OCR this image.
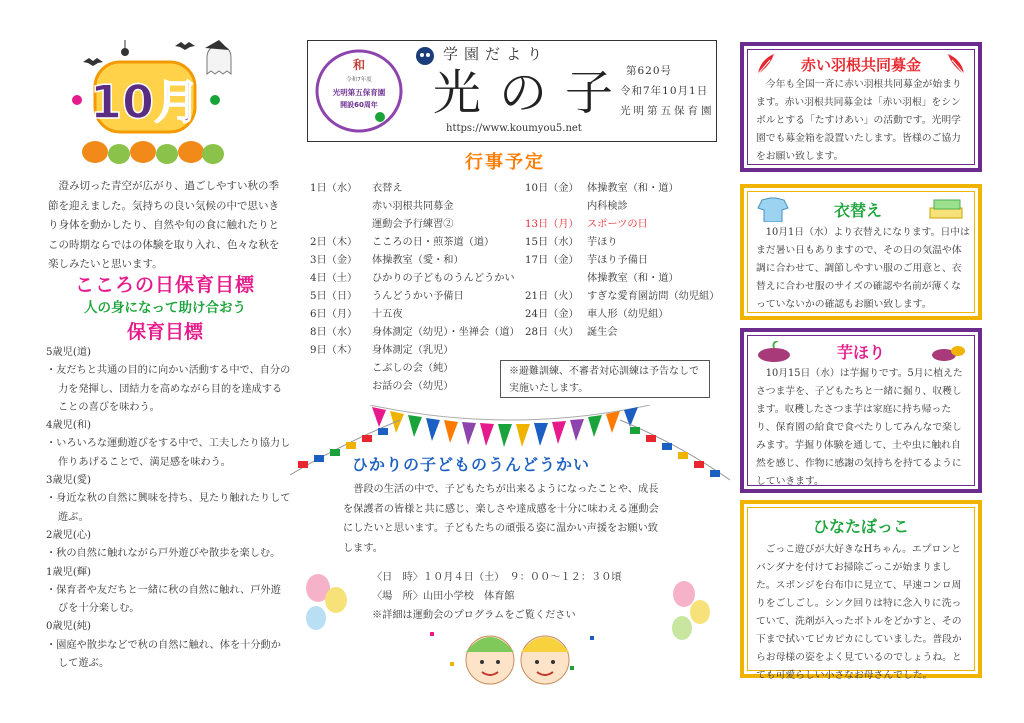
10月
澄み切った青空が広がり、過ごしやすい秋の季節を迎えました。気持ちの良い気候の中で思いきり身体を動かしたり、自然や旬の食に触れたりとこの時期ならではの体験を取り入れ、色々な秋を楽しみたいと思います。
こころの日保育目標
人の身になって助け合おう
保育目標
5歳児(道)
・友だちと共通の目的に向かい活動する中で、自分の力を発揮し、団結力を高めながら目的を達成することの喜びを味わう。
4歳児(和)
・いろいろな運動遊びをする中で、工夫したり協力し作りあげることで、満足感を味わう。
3歳児(愛)
・身近な秋の自然に興味を持ち、見たり触れたりして遊ぶ。
2歳児(心)
・秋の自然に触れながら戸外遊びや散歩を楽しむ。
1歳児(輝)
・保育者や友だちと一緒に秋の自然に触れ、戸外遊びを十分楽しむ。
0歳児(純)
・園庭や散歩などで秋の自然に触れ、体を十分動かして遊ぶ。
和
令和7年度
光明第五保育園
開設60周年
学園だより
光の子
第620号
令和7年10月1日
光明第五保育園
https://www.koumyou5.net
行事予定
1日（水） 衣替え
赤い羽根共同募金
運動会予行練習②
2日（木） こころの日・煎茶道（道）
3日（金） 体操教室（愛・和）
4日（土） ひかりの子どものうんどうかい
5日（日） うんどうかい予備日
6日（月） 十五夜
8日（水） 身体測定（幼児）・坐禅会（道）
9日（木） 身体測定（乳児）
こぶしの会（純）
お話の会（幼児）
10日（金） 体操教室（和・道）
内科検診
13日（月） スポーツの日
15日（水） 芋ほり
17日（金） 芋ほり予備日
体操教室（和・道）
21日（火） すぎな愛育園訪問（幼児組）
24日（金） 車人形（幼児組）
28日（火） 誕生会
※避難訓練、不審者対応訓練は予告なしで実施いたします。
ひかりの子どものうんどうかい
普段の生活の中で、子どもたちが出来るようになったことや、成長を保護者の皆様と共に感じ、楽しさや達成感を十分に味わえる運動会にしたいと思います。子どもたちの頑張る姿に温かい声援をお願い致します。
〈日　時〉１０月４日（土）　９：００～１２：３０頃
〈場　所〉山田小学校　体育館
※詳細は運動会のプログラムをご覧ください
赤い羽根共同募金
今年も全国一斉に赤い羽根共同募金が始まります。赤い羽根共同募金は「赤い羽根」をシンボルとする「たすけあい」の活動です。光明学園でも募金箱を設置いたします。皆様のご協力をお願い致します。
衣替え
10月1日（水）より衣替えになります。日中はまだ暑い日もありますので、その日の気温や体調に合わせて、調節しやすい服のご用意と、衣替えに合わせ服のサイズの確認や名前が薄くなっていないかの確認もお願い致します。
芋ほり
10月15日（水）は芋掘りです。5月に植えたさつま芋を、子どもたちと一緒に掘り、収穫します。収穫したさつま芋は家庭に持ち帰ったり、保育園の給食で食べたりしてみんなで楽しみます。芋掘り体験を通して、土や虫に触れ自然を感じ、作物に感謝の気持ちを持てるようにしていきます。
ひなたぼっこ
ごっこ遊びが大好きなHちゃん。エプロンとバンダナを付けてお掃除ごっこが始まりました。スポンジを台布巾に見立て、早速コンロ周りをごしごし。シンク回りは特に念入りに洗っていて、洗剤が入ったボトルをどかすと、その下まで拭いてピカピカにしていました。普段からお母様の姿をよく見ているのでしょうね。とても可愛らしい小さなお母さんでした。
